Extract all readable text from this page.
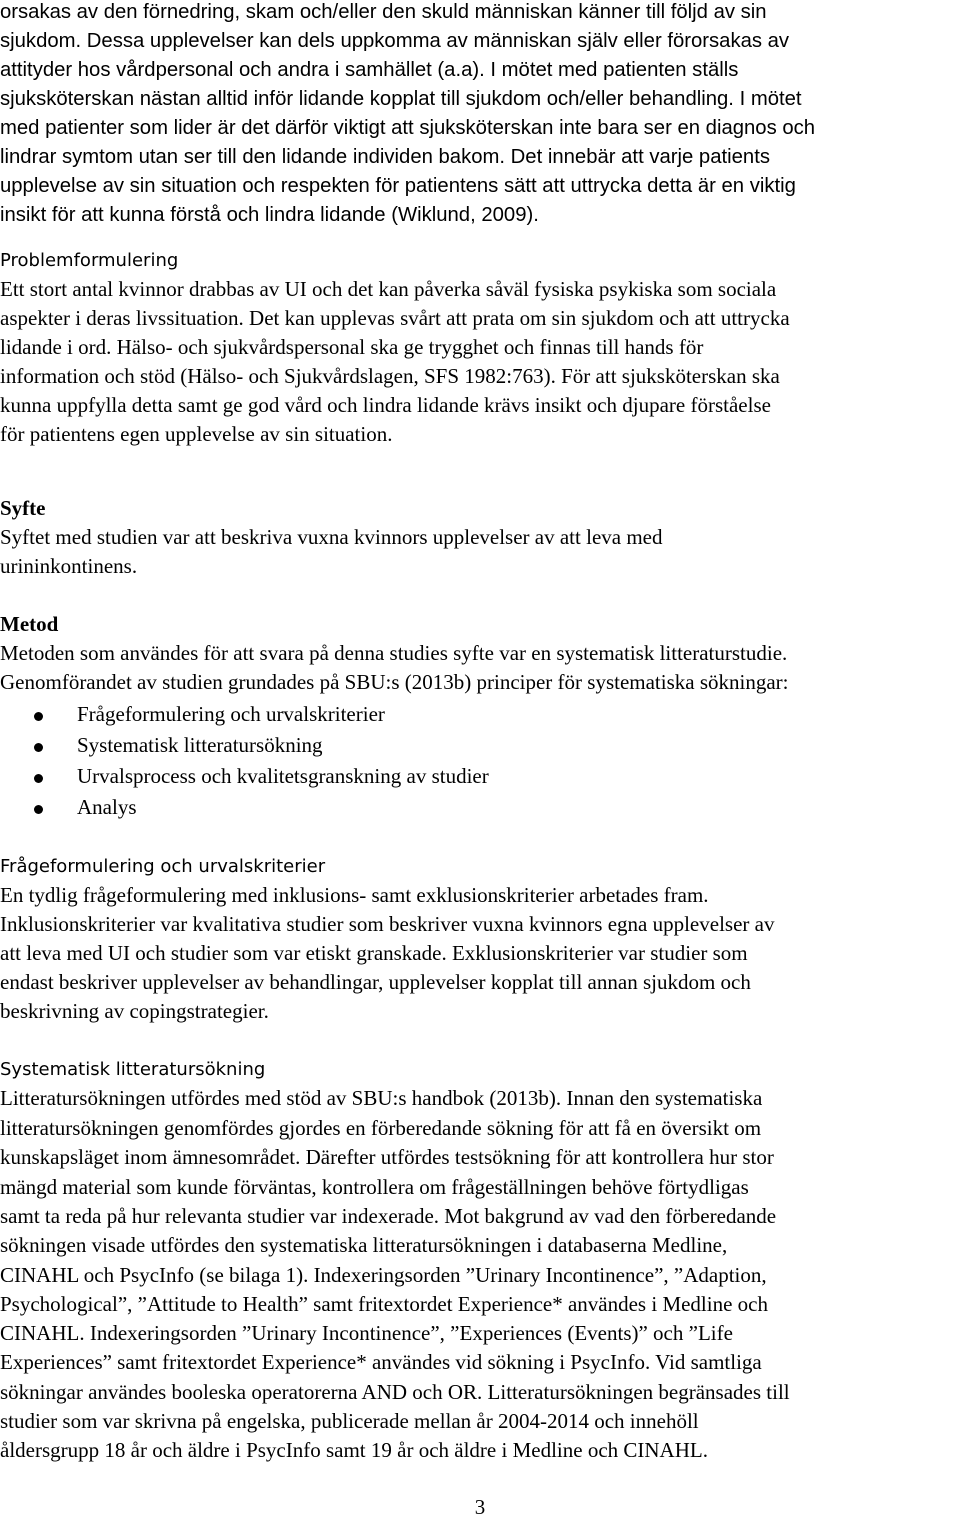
orsakas av den förnedring, skam och/eller den skuld människan känner till följd av sin
sjukdom. Dessa upplevelser kan dels uppkomma av människan själv eller förorsakas av
attityder hos vårdpersonal och andra i samhället (a.a). I mötet med patienten ställs
sjuksköterskan nästan alltid inför lidande kopplat till sjukdom och/eller behandling. I mötet
med patienter som lider är det därför viktigt att sjuksköterskan inte bara ser en diagnos och
lindrar symtom utan ser till den lidande individen bakom. Det innebär att varje patients
upplevelse av sin situation och respekten för patientens sätt att uttrycka detta är en viktig
insikt för att kunna förstå och lindra lidande (Wiklund, 2009).
Problemformulering
Ett stort antal kvinnor drabbas av UI och det kan påverka såväl fysiska psykiska som sociala
aspekter i deras livssituation. Det kan upplevas svårt att prata om sin sjukdom och att uttrycka
lidande i ord. Hälso- och sjukvårdspersonal ska ge trygghet och finnas till hands för
information och stöd (Hälso- och Sjukvårdslagen, SFS 1982:763). För att sjuksköterskan ska
kunna uppfylla detta samt ge god vård och lindra lidande krävs insikt och djupare förståelse
för patientens egen upplevelse av sin situation.
Syfte
Syftet med studien var att beskriva vuxna kvinnors upplevelser av att leva med
urininkontinens.
Metod
Metoden som användes för att svara på denna studies syfte var en systematisk litteraturstudie.
Genomförandet av studien grundades på SBU:s (2013b) principer för systematiska sökningar:
Frågeformulering och urvalskriterier
Systematisk litteratursökning
Urvalsprocess och kvalitetsgranskning av studier
Analys
Frågeformulering och urvalskriterier
En tydlig frågeformulering med inklusions- samt exklusionskriterier arbetades fram.
Inklusionskriterier var kvalitativa studier som beskriver vuxna kvinnors egna upplevelser av
att leva med UI och studier som var etiskt granskade. Exklusionskriterier var studier som
endast beskriver upplevelser av behandlingar, upplevelser kopplat till annan sjukdom och
beskrivning av copingstrategier.
Systematisk litteratursökning
Litteratursökningen utfördes med stöd av SBU:s handbok (2013b). Innan den systematiska
litteratursökningen genomfördes gjordes en förberedande sökning för att få en översikt om
kunskapsläget inom ämnesområdet. Därefter utfördes testsökning för att kontrollera hur stor
mängd material som kunde förväntas, kontrollera om frågeställningen behöve förtydligas
samt ta reda på hur relevanta studier var indexerade. Mot bakgrund av vad den förberedande
sökningen visade utfördes den systematiska litteratursökningen i databaserna Medline,
CINAHL och PsycInfo (se bilaga 1). Indexeringsorden ”Urinary Incontinence”, ”Adaption,
Psychological”, ”Attitude to Health” samt fritextordet Experience* användes i Medline och
CINAHL. Indexeringsorden ”Urinary Incontinence”, ”Experiences (Events)” och ”Life
Experiences” samt fritextordet Experience* användes vid sökning i PsycInfo. Vid samtliga
sökningar användes booleska operatorerna AND och OR. Litteratursökningen begränsades till
studier som var skrivna på engelska, publicerade mellan år 2004-2014 och innehöll
åldersgrupp 18 år och äldre i PsycInfo samt 19 år och äldre i Medline och CINAHL.
3
